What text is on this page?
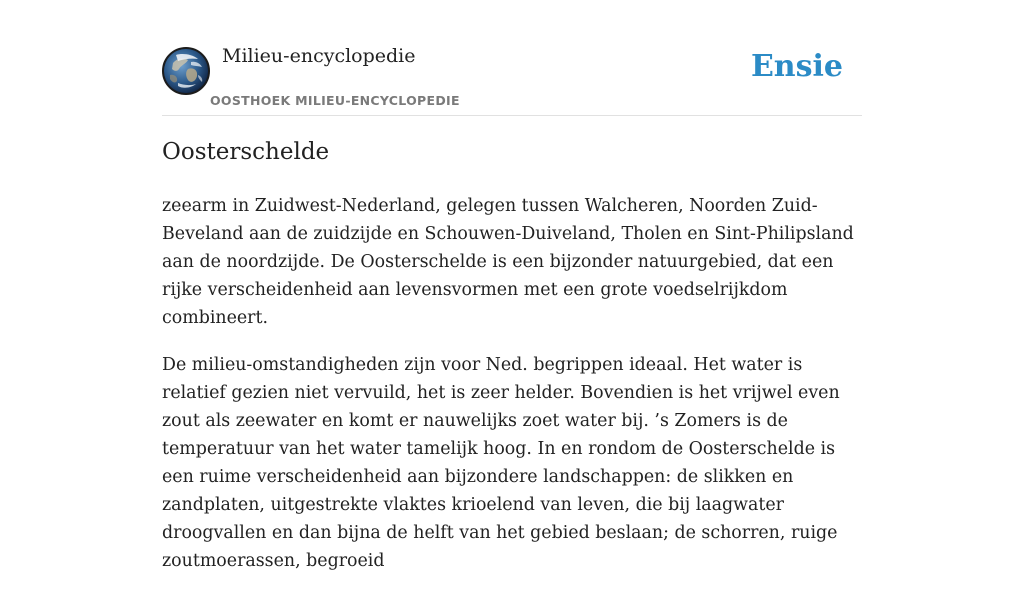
Milieu-encyclopedie
OOSTHOEK MILIEU-ENCYCLOPEDIE
Ensie
Oosterschelde

zeearm in Zuidwest-Nederland, gelegen tussen Walcheren, Noorden Zuid-Beveland aan de zuidzijde en Schouwen-Duiveland, Tholen en Sint-Philipsland aan de noordzijde. De Oosterschelde is een bijzonder natuurgebied, dat een rijke verscheidenheid aan levensvormen met een grote voedselrijkdom combineert.

De milieu-omstandigheden zijn voor Ned. begrippen ideaal. Het water is relatief gezien niet vervuild, het is zeer helder. Bovendien is het vrijwel even zout als zeewater en komt er nauwelijks zoet water bij. ’s Zomers is de temperatuur van het water tamelijk hoog. In en rondom de Oosterschelde is een ruime verscheidenheid aan bijzondere landschappen: de slikken en zandplaten, uitgestrekte vlaktes krioelend van leven, die bij laagwater droogvallen en dan bijna de helft van het gebied beslaan; de schorren, ruige zoutmoerassen, begroeid
